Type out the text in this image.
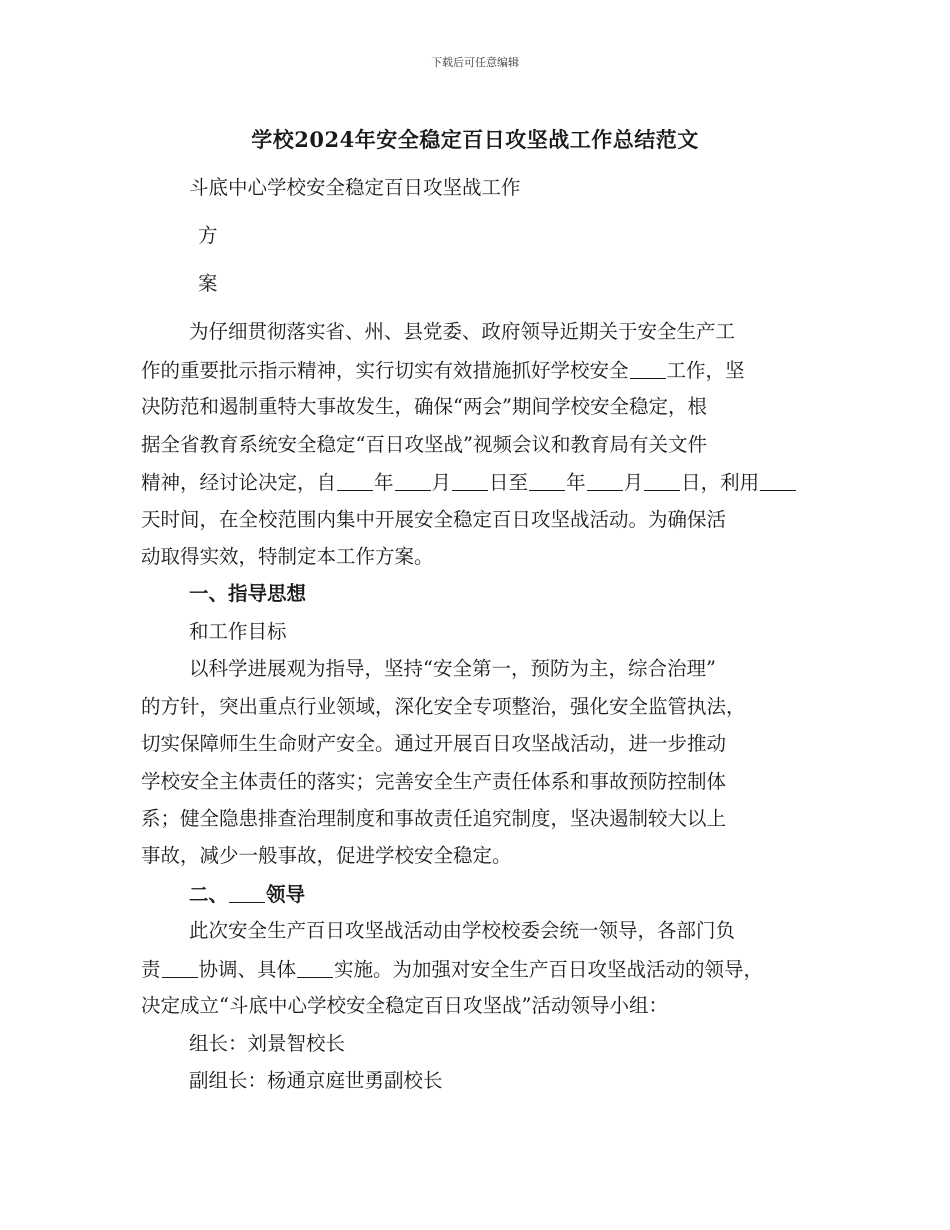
下载后可任意编辑
学校2024年安全稳定百日攻坚战工作总结范文
斗底中心学校安全稳定百日攻坚战工作
方
案
为仔细贯彻落实省、州、县党委、政府领导近期关于安全生产工
作的重要批示指示精神，实行切实有效措施抓好学校安全 工作，坚
决防范和遏制重特大事故发生，确保“两会”期间学校安全稳定，根
据全省教育系统安全稳定“百日攻坚战”视频会议和教育局有关文件
精神，经讨论决定，自 年 月 日至 年 月 日，利用
天时间，在全校范围内集中开展安全稳定百日攻坚战活动。为确保活
动取得实效，特制定本工作方案。
一、指导思想
和工作目标
以科学进展观为指导，坚持“安全第一，预防为主，综合治理”
的方针，突出重点行业领域，深化安全专项整治，强化安全监管执法，
切实保障师生生命财产安全。通过开展百日攻坚战活动，进一步推动
学校安全主体责任的落实；完善安全生产责任体系和事故预防控制体
系；健全隐患排查治理制度和事故责任追究制度，坚决遏制较大以上
事故，减少一般事故，促进学校安全稳定。
二、 领导
此次安全生产百日攻坚战活动由学校校委会统一领导，各部门负
责 协调、具体 实施。为加强对安全生产百日攻坚战活动的领导，
决定成立“斗底中心学校安全稳定百日攻坚战”活动领导小组：
组长：刘景智校长
副组长：杨通京庭世勇副校长
